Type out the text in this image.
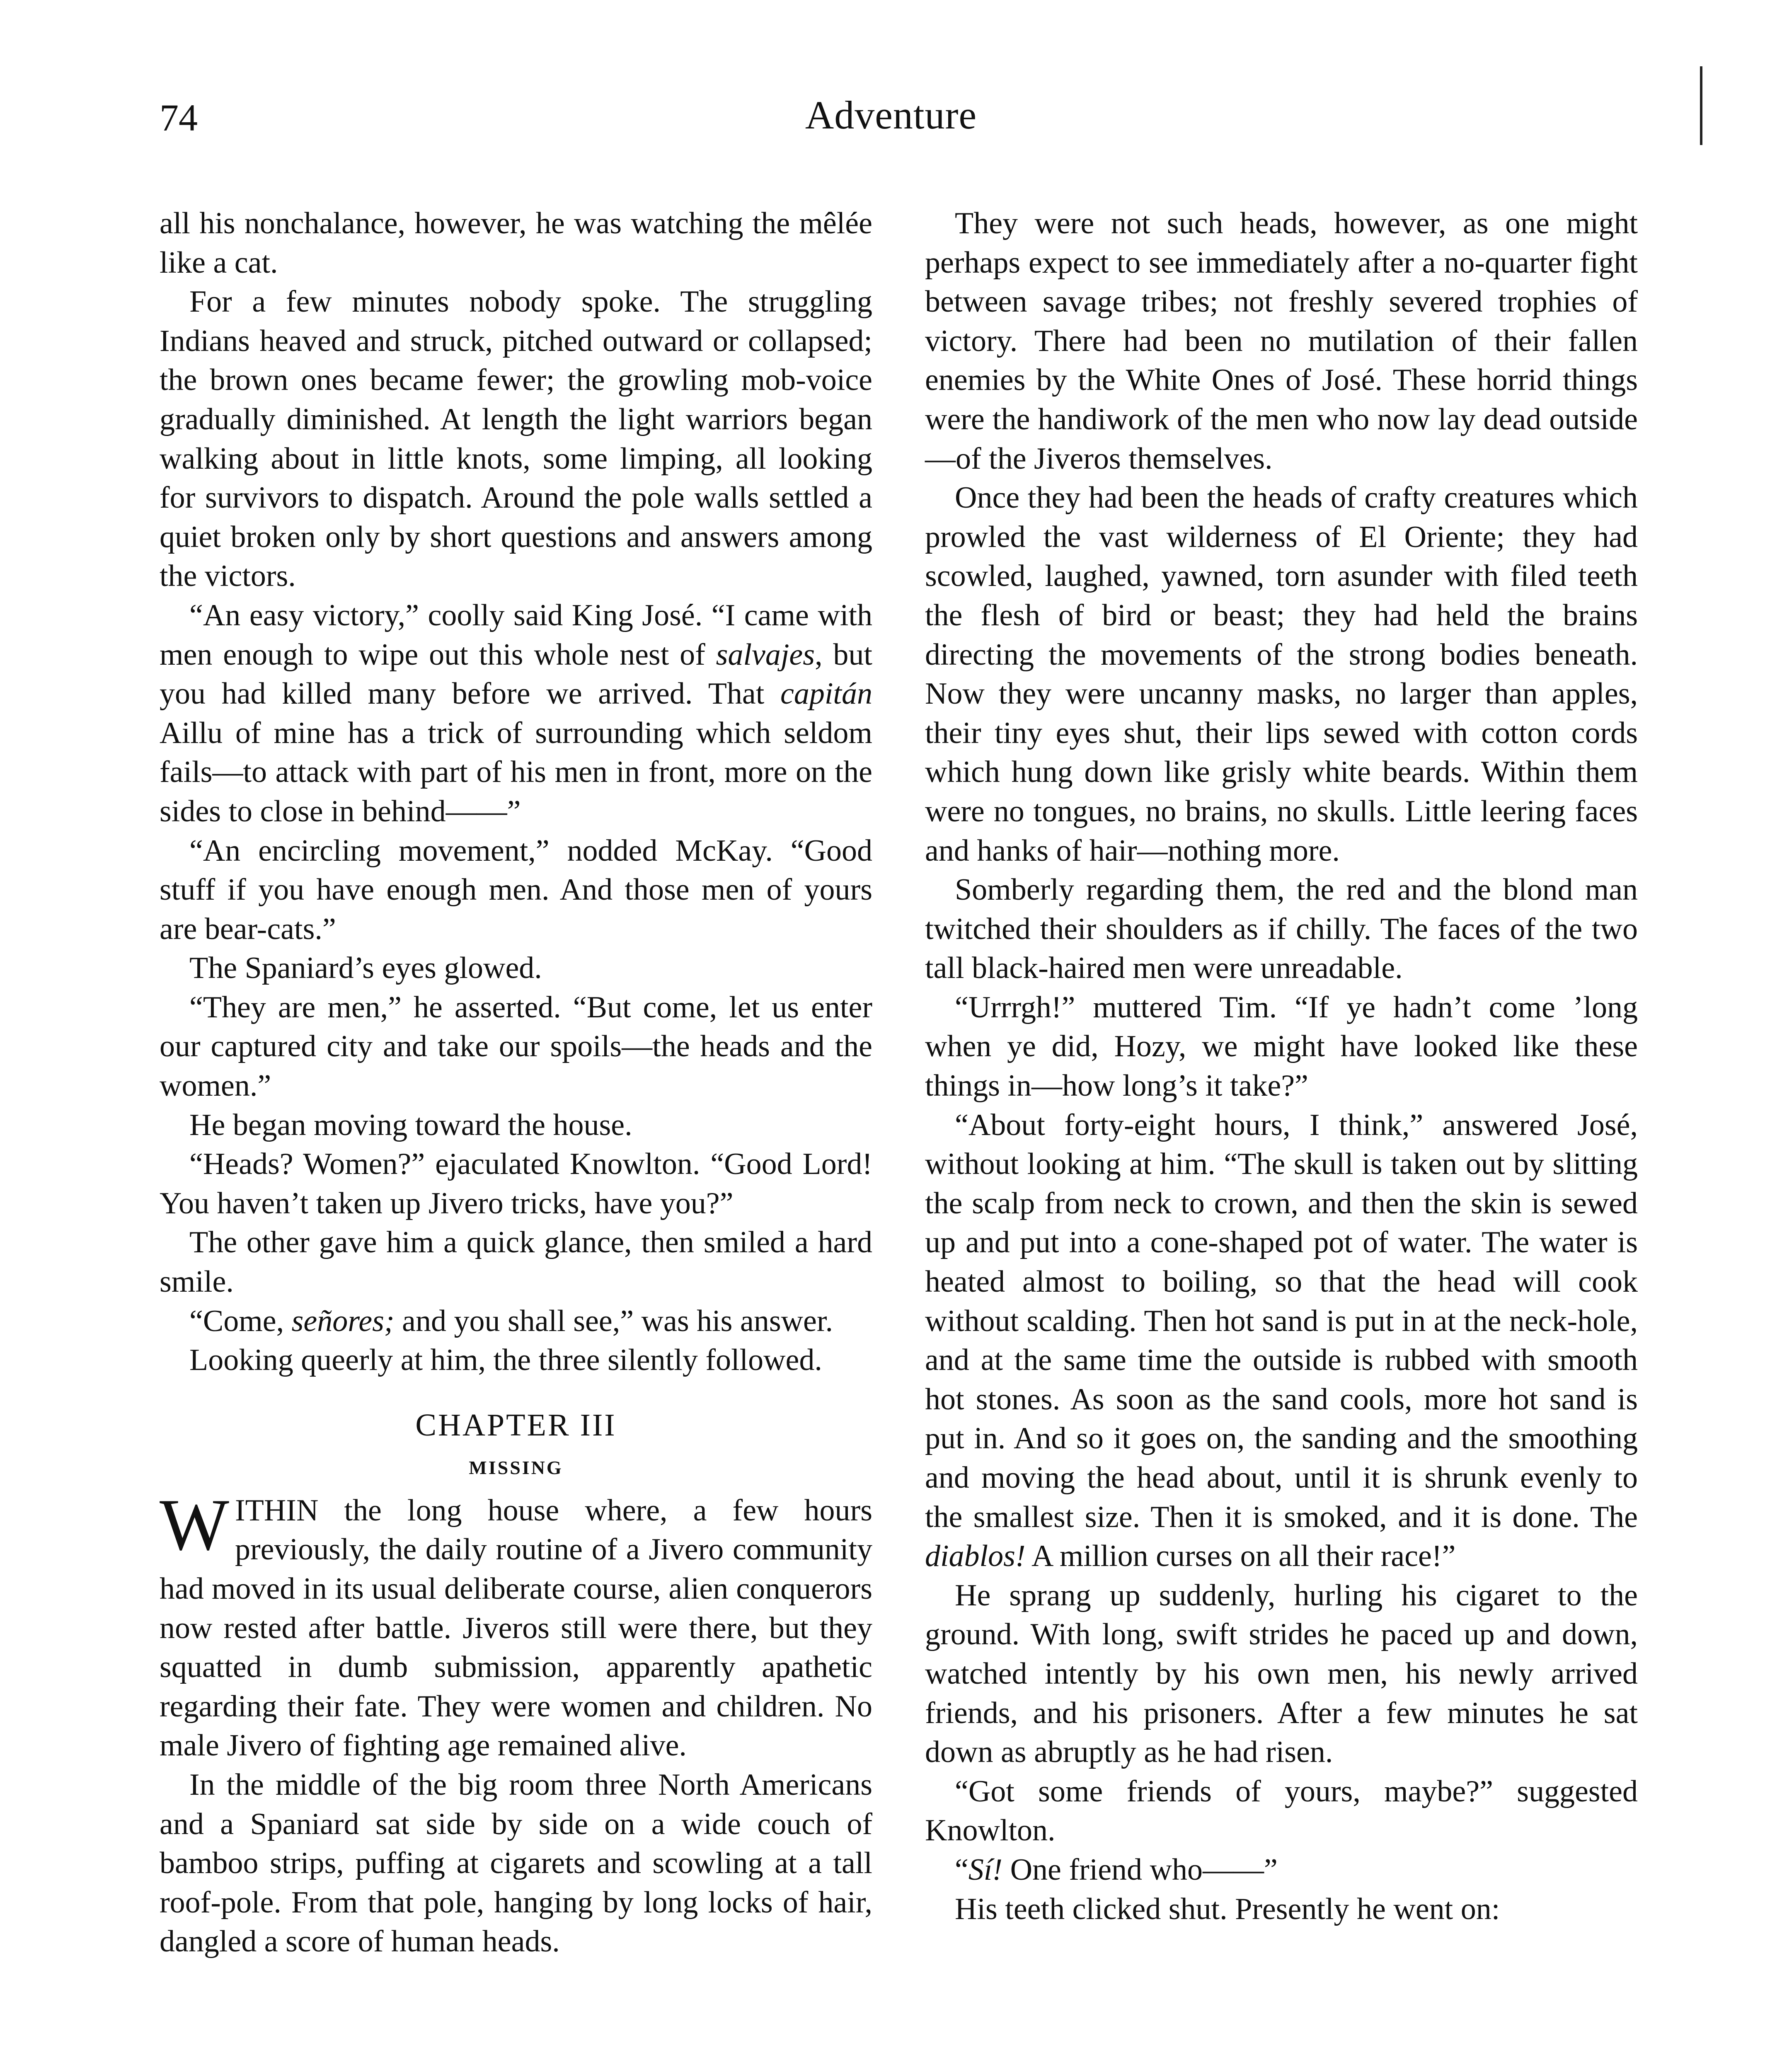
74	Adventure

all his nonchalance, however, he was watching the mêlée like a cat.

For a few minutes nobody spoke. The struggling Indians heaved and struck, pitched outward or collapsed; the brown ones became fewer; the growling mob-voice gradually diminished. At length the light warriors began walking about in little knots, some limping, all looking for survivors to dispatch. Around the pole walls settled a quiet broken only by short questions and answers among the victors.

“An easy victory,” coolly said King José. “I came with men enough to wipe out this whole nest of salvajes, but you had killed many before we arrived. That capitán Aillu of mine has a trick of surrounding which seldom fails—to attack with part of his men in front, more on the sides to close in behind——”

“An encircling movement,” nodded McKay. “Good stuff if you have enough men. And those men of yours are bear-cats.”

The Spaniard’s eyes glowed.

“They are men,” he asserted. “But come, let us enter our captured city and take our spoils—the heads and the women.”

He began moving toward the house.

“Heads? Women?” ejaculated Knowlton. “Good Lord! You haven’t taken up Jivero tricks, have you?”

The other gave him a quick glance, then smiled a hard smile.

“Come, señores; and you shall see,” was his answer.

Looking queerly at him, the three silently followed.

CHAPTER III
MISSING

WITHIN the long house where, a few hours previously, the daily routine of a Jivero community had moved in its usual deliberate course, alien conquerors now rested after battle. Jiveros still were there, but they squatted in dumb submission, apparently apathetic regarding their fate. They were women and children. No male Jivero of fighting age remained alive.

In the middle of the big room three North Americans and a Spaniard sat side by side on a wide couch of bamboo strips, puffing at cigarets and scowling at a tall roof-pole. From that pole, hanging by long locks of hair, dangled a score of human heads.

They were not such heads, however, as one might perhaps expect to see immediately after a no-quarter fight between savage tribes; not freshly severed trophies of victory. There had been no mutilation of their fallen enemies by the White Ones of José. These horrid things were the handiwork of the men who now lay dead outside—of the Jiveros themselves.

Once they had been the heads of crafty creatures which prowled the vast wilderness of El Oriente; they had scowled, laughed, yawned, torn asunder with filed teeth the flesh of bird or beast; they had held the brains directing the movements of the strong bodies beneath. Now they were uncanny masks, no larger than apples, their tiny eyes shut, their lips sewed with cotton cords which hung down like grisly white beards. Within them were no tongues, no brains, no skulls. Little leering faces and hanks of hair—nothing more.

Somberly regarding them, the red and the blond man twitched their shoulders as if chilly. The faces of the two tall black-haired men were unreadable.

“Urrrgh!” muttered Tim. “If ye hadn’t come ’long when ye did, Hozy, we might have looked like these things in—how long’s it take?”

“About forty-eight hours, I think,” answered José, without looking at him. “The skull is taken out by slitting the scalp from neck to crown, and then the skin is sewed up and put into a cone-shaped pot of water. The water is heated almost to boiling, so that the head will cook without scalding. Then hot sand is put in at the neck-hole, and at the same time the outside is rubbed with smooth hot stones. As soon as the sand cools, more hot sand is put in. And so it goes on, the sanding and the smoothing and moving the head about, until it is shrunk evenly to the smallest size. Then it is smoked, and it is done. The diablos! A million curses on all their race!”

He sprang up suddenly, hurling his cigaret to the ground. With long, swift strides he paced up and down, watched intently by his own men, his newly arrived friends, and his prisoners. After a few minutes he sat down as abruptly as he had risen.

“Got some friends of yours, maybe?” suggested Knowlton.

“Sí! One friend who——”

His teeth clicked shut. Presently he went on:
